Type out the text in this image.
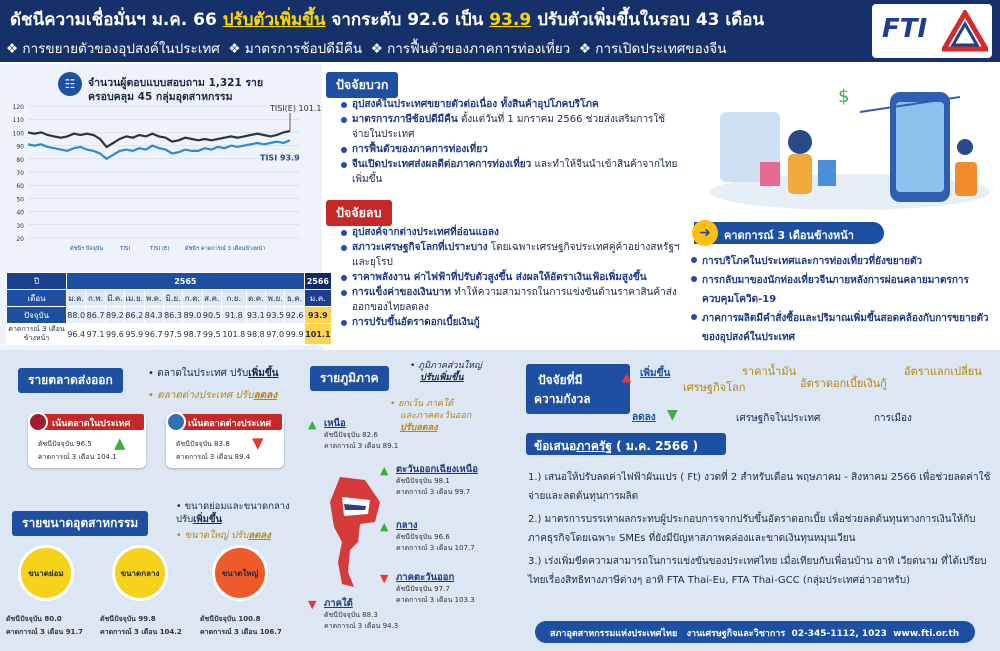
ดัชนีความเชื่อมั่นฯ ม.ค. 66 ปรับตัวเพิ่มขึ้น จากระดับ 92.6 เป็น 93.9 ปรับตัวเพิ่มขึ้นในรอบ 43 เดือน
❖ การขยายตัวของอุปสงค์ในประเทศ ❖ มาตรการช้อปดีมีคืน ❖ การฟื้นตัวของภาคการท่องเที่ยว ❖ การเปิดประเทศของจีน
FTI
☷	จำนวนผู้ตอบแบบสอบถาม 1,321 ราย
ครอบคลุม 45 กลุ่มอุตสาหกรรม
120
110
100
90
80
70
60
50
40
30
20
TISI(E) 101.1
TISI 93.9
ดัชนีฯ ปัจจุบัน	TISI	TISI (E)	ดัชนีฯ คาดการณ์ 3 เดือนข้างหน้า
ปี	2565												2566
เดือน	ม.ค.	ก.พ.	มี.ค.	เม.ย.	พ.ค.	มิ.ย.	ก.ค.	ส.ค.	ก.ย.	ต.ค.	พ.ย.	ธ.ค.	ม.ค.
ปัจจุบัน	88.0	86.7	89.2	86.2	84.3	86.3	89.0	90.5	91.8	93.1	93.5	92.6	93.9
คาดการณ์ 3 เดือนข้างหน้า	96.4	97.1	99.6	95.9	96.7	97.5	98.7	99.5	101.8	98.8	97.0	99.9	101.1
ปัจจัยบวก
อุปสงค์ในประเทศขยายตัวต่อเนื่อง ทั้งสินค้าอุปโภคบริโภค
มาตรการภาษีช้อปดีมีคืน ตั้งแต่วันที่ 1 มกราคม 2566 ช่วยส่งเสริมการใช้จ่ายในประเทศ
การฟื้นตัวของภาคการท่องเที่ยว
จีนเปิดประเทศส่งผลดีต่อภาคการท่องเที่ยว และทำให้จีนนำเข้าสินค้าจากไทยเพิ่มขึ้น
ปัจจัยลบ
อุปสงค์จากต่างประเทศที่อ่อนแอลง
สภาวะเศรษฐกิจโลกที่เปราะบาง โดยเฉพาะเศรษฐกิจประเทศคู่ค้าอย่างสหรัฐฯ และยุโรป
ราคาพลังงาน ค่าไฟฟ้าที่ปรับตัวสูงขึ้น ส่งผลให้อัตราเงินเฟ้อเพิ่มสูงขึ้น
การแข็งค่าของเงินบาท ทำให้ความสามารถในการแข่งขันด้านราคาสินค้าส่งออกของไทยลดลง
การปรับขึ้นอัตราดอกเบี้ยเงินกู้
$
➜	คาดการณ์ 3 เดือนข้างหน้า
การบริโภคในประเทศและการท่องเที่ยวที่ยังขยายตัว
การกลับมาของนักท่องเที่ยวจีนภายหลังการผ่อนคลายมาตรการควบคุมโควิด-19
ภาคการผลิตมีคำสั่งซื้อและปริมาณเพิ่มขึ้นสอดคล้องกับการขยายตัวของอุปสงค์ในประเทศ
รายตลาดส่งออก	• ตลาดในประเทศ ปรับเพิ่มขึ้น
• ตลาดต่างประเทศ ปรับลดลง
เน้นตลาดในประเทศ
ดัชนีปัจจุบัน 96.5
คาดการณ์ 3 เดือน 104.1
▲
เน้นตลาดต่างประเทศ
ดัชนีปัจจุบัน 83.8
คาดการณ์ 3 เดือน 89.4
▼
รายขนาดอุตสาหกรรม
• ขนาดย่อมและขนาดกลาง ปรับเพิ่มขึ้น
• ขนาดใหญ่ ปรับลดลง
ขนาดย่อม
ดัชนีปัจจุบัน 80.0
คาดการณ์ 3 เดือน 91.7
ขนาดกลาง
ดัชนีปัจจุบัน 99.8
คาดการณ์ 3 เดือน 104.2
ขนาดใหญ่
ดัชนีปัจจุบัน 100.8
คาดการณ์ 3 เดือน 106.7
รายภูมิภาค
• ภูมิภาคส่วนใหญ่
ปรับเพิ่มขึ้น
• ยกเว้น ภาคใต้
และภาคตะวันออก
ปรับลดลง
▲ เหนือ
ดัชนีปัจจุบัน 82.6
คาดการณ์ 3 เดือน 89.1
▲ ตะวันออกเฉียงเหนือ
ดัชนีปัจจุบัน 98.1
คาดการณ์ 3 เดือน 99.7
▲ กลาง
ดัชนีปัจจุบัน 96.6
คาดการณ์ 3 เดือน 107.7
▼ ภาคตะวันออก
ดัชนีปัจจุบัน 97.7
คาดการณ์ 3 เดือน 103.3
▼ ภาคใต้
ดัชนีปัจจุบัน 88.3
คาดการณ์ 3 เดือน 94.3
ปัจจัยที่มี
ความกังวล
▲ เพิ่มขึ้น	ราคาน้ำมัน
เศรษฐกิจโลก	อัตราดอกเบี้ยเงินกู้
อัตราแลกเปลี่ยน
ลดลง ▼	เศรษฐกิจในประเทศ	การเมือง
ข้อเสนอภาครัฐ ( ม.ค. 2566 )
1.) เสนอให้ปรับลดค่าไฟฟ้าผันแปร ( Ft) งวดที่ 2 สำหรับเดือน พฤษภาคม - สิงหาคม 2566 เพื่อช่วยลดค่าใช้จ่ายและลดต้นทุนการผลิต
2.) มาตรการบรรเทาผลกระทบผู้ประกอบการจากปรับขึ้นอัตราดอกเบี้ย เพื่อช่วยลดต้นทุนทางการเงินให้กับภาคธุรกิจโดยเฉพาะ SMEs ที่ยังมีปัญหาสภาพคล่องและขาดเงินทุนหมุนเวียน
3.) เร่งเพิ่มขีดความสามารถในการแข่งขันของประเทศไทย เมื่อเทียบกับเพื่อนบ้าน อาทิ เวียดนาม ที่ได้เปรียบไทยเรื่องสิทธิทางภาษีต่างๆ อาทิ FTA Thai-Eu, FTA Thai-GCC (กลุ่มประเทศอ่าวอาหรับ)
สภาอุตสาหกรรมแห่งประเทศไทย งานเศรษฐกิจและวิชาการ 02-345-1112, 1023 www.fti.or.th
